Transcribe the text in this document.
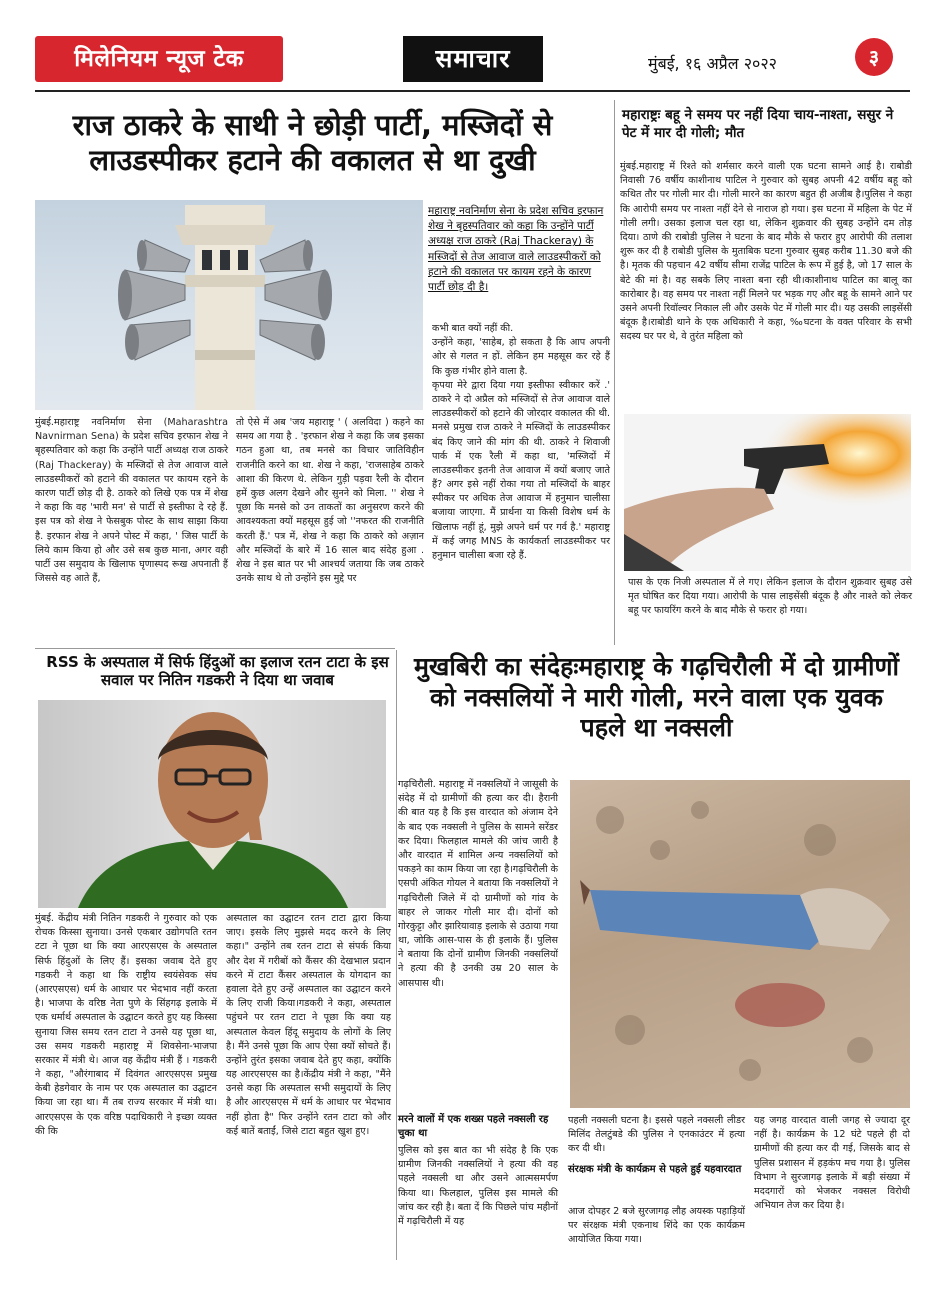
मिलेनियम न्यूज टेक	समाचार	मुंबई, १६ अप्रैल २०२२	३
राज ठाकरे के साथी ने छोड़ी पार्टी, मस्जिदों से लाउडस्पीकर हटाने की वकालत से था दुखी

महाराष्ट्र नवनिर्माण सेना के प्रदेश सचिव इरफान शेख ने बृहस्पतिवार को कहा कि उन्होंने पार्टी अध्यक्ष राज ठाकरे (Raj Thackeray) के मस्जिदों से तेज आवाज वाले लाउडस्पीकरों को हटाने की वकालत पर कायम रहने के कारण पार्टी छोड़ दी है।

मुंबई.महाराष्ट्र नवनिर्माण सेना (Maharashtra Navnirman Sena) के प्रदेश सचिव इरफान शेख ने बृहस्पतिवार को कहा कि उन्होंने पार्टी अध्यक्ष राज ठाकरे (Raj Thackeray) के मस्जिदों से तेज आवाज वाले लाउडस्पीकरों को हटाने की वकालत पर कायम रहने के कारण पार्टी छोड़ दी है. ठाकरे को लिखे एक पत्र में शेख ने कहा कि वह 'भारी मन' से पार्टी से इस्तीफा दे रहे हैं. इस पत्र को शेख ने फेसबुक पोस्ट के साथ साझा किया है. इरफान शेख ने अपने पोस्ट में कहा, ' जिस पार्टी के लिये काम किया हो और उसे सब कुछ माना, अगर वही पार्टी उस समुदाय के खिलाफ घृणास्पद रूख अपनाती हैं जिससे वह आते हैं,

तो ऐसे में अब 'जय महाराष्ट्र ' ( अलविदा ) कहने का समय आ गया है . 'इरफान शेख ने कहा कि जब इसका गठन हुआ था, तब मनसे का विचार जातिविहीन राजनीति करने का था. शेख ने कहा, 'राजसाहेब ठाकरे आशा की किरण थे. लेकिन गुड़ी पड़वा रैली के दौरान हमें कुछ अलग देखने और सुनने को मिला. '' शेख ने पूछा कि मनसे को उन ताकतों का अनुसरण करने की आवश्यकता क्यों महसूस हुई जो ''नफरत की राजनीति करती हैं.' पत्र में, शेख ने कहा कि ठाकरे को अज़ान और मस्जिदों के बारे में 16 साल बाद संदेह हुआ . शेख ने इस बात पर भी आश्चर्य जताया कि जब ठाकरे उनके साथ थे तो उन्होंने इस मुद्दे पर

कभी बात क्यों नहीं की.
उन्होंने कहा, 'साहेब, हो सकता है कि आप अपनी ओर से गलत न हों. लेकिन हम महसूस कर रहे हैं कि कुछ गंभीर होने वाला है.
कृपया मेरे द्वारा दिया गया इस्तीफा स्वीकार करें .' ठाकरे ने दो अप्रैल को मस्जिदों से तेज आवाज वाले लाउडस्पीकरों को हटाने की जोरदार वकालत की थी. मनसे प्रमुख राज ठाकरे ने मस्जिदों के लाउडस्पीकर बंद किए जाने की मांग की थी. ठाकरे ने शिवाजी पार्क में एक रैली में कहा था, 'मस्जिदों में लाउडस्पीकर इतनी तेज आवाज में क्यों बजाए जाते हैं? अगर इसे नहीं रोका गया तो मस्जिदों के बाहर स्पीकर पर अधिक तेज आवाज में हनुमान चालीसा बजाया जाएगा. मैं प्रार्थना या किसी विशेष धर्म के खिलाफ नहीं हूं, मुझे अपने धर्म पर गर्व है.' महाराष्ट्र में कई जगह MNS के कार्यकर्ता लाउडस्पीकर पर हनुमान चालीसा बजा रहे हैं.

महाराष्ट्रः बहू ने समय पर नहीं दिया चाय-नाश्ता, ससुर ने पेट में मार दी गोली; मौत

मुंबई.महाराष्ट्र में रिश्ते को शर्मसार करने वाली एक घटना सामने आई है। राबोडी निवासी 76 वर्षीय काशीनाथ पाटिल ने गुरुवार को सुबह अपनी 42 वर्षीय बहू को कथित तौर पर गोली मार दी। गोली मारने का कारण बहुत ही अजीब है।पुलिस ने कहा कि आरोपी समय पर नाश्ता नहीं देने से नाराज हो गया। इस घटना में महिला के पेट में गोली लगी। उसका इलाज चल रहा था, लेकिन शुक्रवार की सुबह उन्होंने दम तोड़ दिया। ठाणे की राबोडी पुलिस ने घटना के बाद मौके से फरार हुए आरोपी की तलाश शुरू कर दी है राबोडी पुलिस के मुताबिक घटना गुरुवार सुबह करीब 11.30 बजे की है। मृतक की पहचान 42 वर्षीय सीमा राजेंद्र पाटिल के रूप में हुई है, जो 17 साल के बेटे की मां है। वह सबके लिए नाश्ता बना रही थी।काशीनाथ पाटिल का बालू का कारोबार है। वह समय पर नाश्ता नहीं मिलने पर भड़क गए और बहू के सामने आने पर उसने अपनी रिवॉल्वर निकाल ली और उसके पेट में गोली मार दी। यह उसकी लाइसेंसी बंदूक है।राबोडी थाने के एक अधिकारी ने कहा, ‰घटना के वक्त परिवार के सभी सदस्य घर पर थे, वे तुरंत महिला को

पास के एक निजी अस्पताल में ले गए। लेकिन इलाज के दौरान शुक्रवार सुबह उसे मृत घोषित कर दिया गया। आरोपी के पास लाइसेंसी बंदूक है और नाश्ते को लेकर बहू पर फायरिंग करने के बाद मौके से फरार हो गया।

RSS के अस्पताल में सिर्फ हिंदुओं का इलाज रतन टाटा के इस सवाल पर नितिन गडकरी ने दिया था जवाब

मुंबई. केंद्रीय मंत्री नितिन गडकरी ने गुरुवार को एक रोचक किस्सा सुनाया। उनसे एकबार उद्योगपति रतन टटा ने पूछा था कि क्या आरएसएस के अस्पताल सिर्फ हिंदुओं के लिए हैं। इसका जवाब देते हुए गडकरी ने कहा था कि राष्ट्रीय स्वयंसेवक संघ (आरएसएस) धर्म के आधार पर भेदभाव नहीं करता है। भाजपा के वरिष्ठ नेता पुणे के सिंहगढ़ इलाके में एक धर्मार्थ अस्पताल के उद्घाटन करते हुए यह किस्सा सुनाया जिस समय रतन टाटा ने उनसे यह पूछा था, उस समय गडकरी महाराष्ट्र में शिवसेना-भाजपा सरकार में मंत्री थे। आज वह केंद्रीय मंत्री हैं । गडकरी ने कहा, "औरंगाबाद में दिवंगत आरएसएस प्रमुख केबी हेडगेवार के नाम पर एक अस्पताल का उद्घाटन किया जा रहा था। मैं तब राज्य सरकार में मंत्री था। आरएसएस के एक वरिष्ठ पदाधिकारी ने इच्छा व्यक्त की कि

अस्पताल का उद्घाटन रतन टाटा द्वारा किया जाए। इसके लिए मुझसे मदद करने के लिए कहा।" उन्होंने तब रतन टाटा से संपर्क किया और देश में गरीबों को कैंसर की देखभाल प्रदान करने में टाटा कैंसर अस्पताल के योगदान का हवाला देते हुए उन्हें अस्पताल का उद्घाटन करने के लिए राजी किया।गडकरी ने कहा, अस्पताल पहुंचने पर रतन टाटा ने पूछा कि क्या यह अस्पताल केवल हिंदू समुदाय के लोगों के लिए है। मैंने उनसे पूछा कि आप ऐसा क्यों सोचते हैं। उन्होंने तुरंत इसका जवाब देते हुए कहा, क्योंकि यह आरएसएस का है।केंद्रीय मंत्री ने कहा, "मैंने उनसे कहा कि अस्पताल सभी समुदायों के लिए है और आरएसएस में धर्म के आधार पर भेदभाव नहीं होता है" फिर उन्होंने रतन टाटा को और कई बातें बताईं, जिसे टाटा बहुत खुश हुए।

मुखबिरी का संदेहःमहाराष्ट्र के गढ़चिरौली में दो ग्रामीणों को नक्सलियों ने मारी गोली, मरने वाला एक युवक पहले था नक्सली

गढ़चिरौली. महाराष्ट्र में नक्सलियों ने जासूसी के संदेह में दो ग्रामीणों की हत्या कर दी। हैरानी की बात यह है कि इस वारदात को अंजाम देने के बाद एक नक्सली ने पुलिस के सामने सरेंडर कर दिया। फिलहाल मामले की जांच जारी है और वारदात में शामिल अन्य नक्सलियों को पकड़ने का काम किया जा रहा है।गढ़चिरौली के एसपी अंकित गोयल ने बताया कि नक्सलियों ने गढ़चिरौली जिले में दो ग्रामीणों को गांव के बाहर ले जाकर गोली मार दी। दोनों को गोरकुट्टा और झारियावाड़ इलाके से उठाया गया था, जोकि आस-पास के ही इलाके हैं। पुलिस ने बताया कि दोनों ग्रामीण जिनकी नक्सलियों ने हत्या की है उनकी उम्र 20 साल के आसपास थी।

मरने वालों में एक शख्स पहले नक्सली रह चुका था

पुलिस को इस बात का भी संदेह है कि एक ग्रामीण जिनकी नक्सलियों ने हत्या की वह पहले नक्सली था और उसने आत्मसमर्पण किया था। फिलहाल, पुलिस इस मामले की जांच कर रही है। बता दें कि पिछले पांच महीनों में गढ़चिरौली में यह

पहली नक्सली घटना है। इससे पहले नक्सली लीडर मिलिंद तेलटुंबडे की पुलिस ने एनकाउंटर में हत्या कर दी थी।

संरक्षक मंत्री के कार्यक्रम से पहले हुई यहवारदात

आज दोपहर 2 बजे सुरजागढ़ लौह अयस्क पहाड़ियों पर संरक्षक मंत्री एकनाथ शिंदे का एक कार्यक्रम आयोजित किया गया।

यह जगह वारदात वाली जगह से ज्यादा दूर नहीं है। कार्यक्रम के 12 घंटे पहले ही दो ग्रामीणों की हत्या कर दी गई, जिसके बाद से पुलिस प्रशासन में हड़कंप मच गया है। पुलिस विभाग ने सुरजागढ़ इलाके में बड़ी संख्या में मददगारों को भेजकर नक्सल विरोधी अभियान तेज कर दिया है।
